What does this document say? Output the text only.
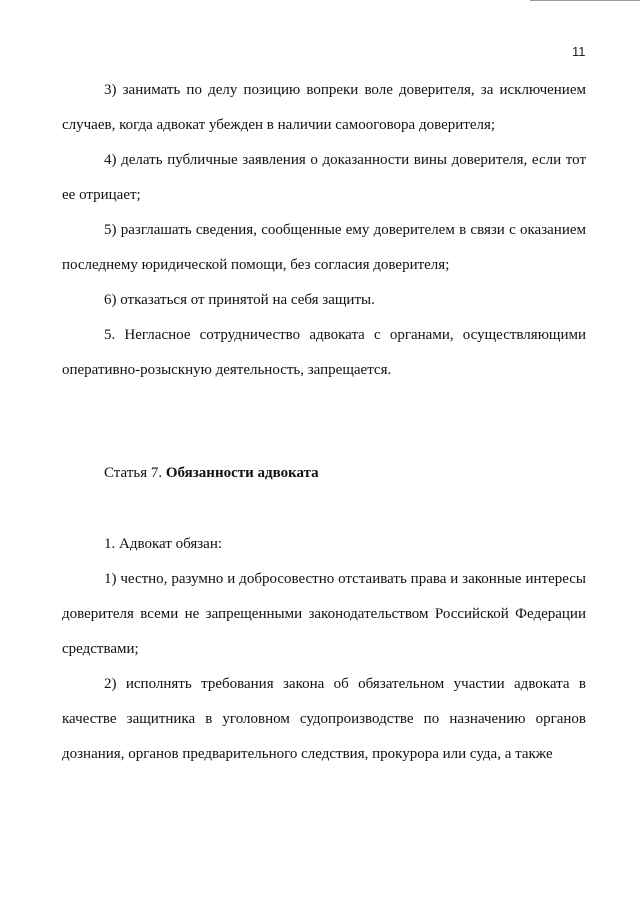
11

3) занимать по делу позицию вопреки воле доверителя, за исключением случаев, когда адвокат убежден в наличии самооговора доверителя;

4) делать публичные заявления о доказанности вины доверителя, если тот ее отрицает;

5) разглашать сведения, сообщенные ему доверителем в связи с оказанием последнему юридической помощи, без согласия доверителя;

6) отказаться от принятой на себя защиты.

5. Негласное сотрудничество адвоката с органами, осуществляющими оперативно-розыскную деятельность, запрещается.

Статья 7. Обязанности адвоката

1. Адвокат обязан:

1) честно, разумно и добросовестно отстаивать права и законные интересы доверителя всеми не запрещенными законодательством Российской Федерации средствами;

2) исполнять требования закона об обязательном участии адвоката в качестве защитника в уголовном судопроизводстве по назначению органов дознания, органов предварительного следствия, прокурора или суда, а также
